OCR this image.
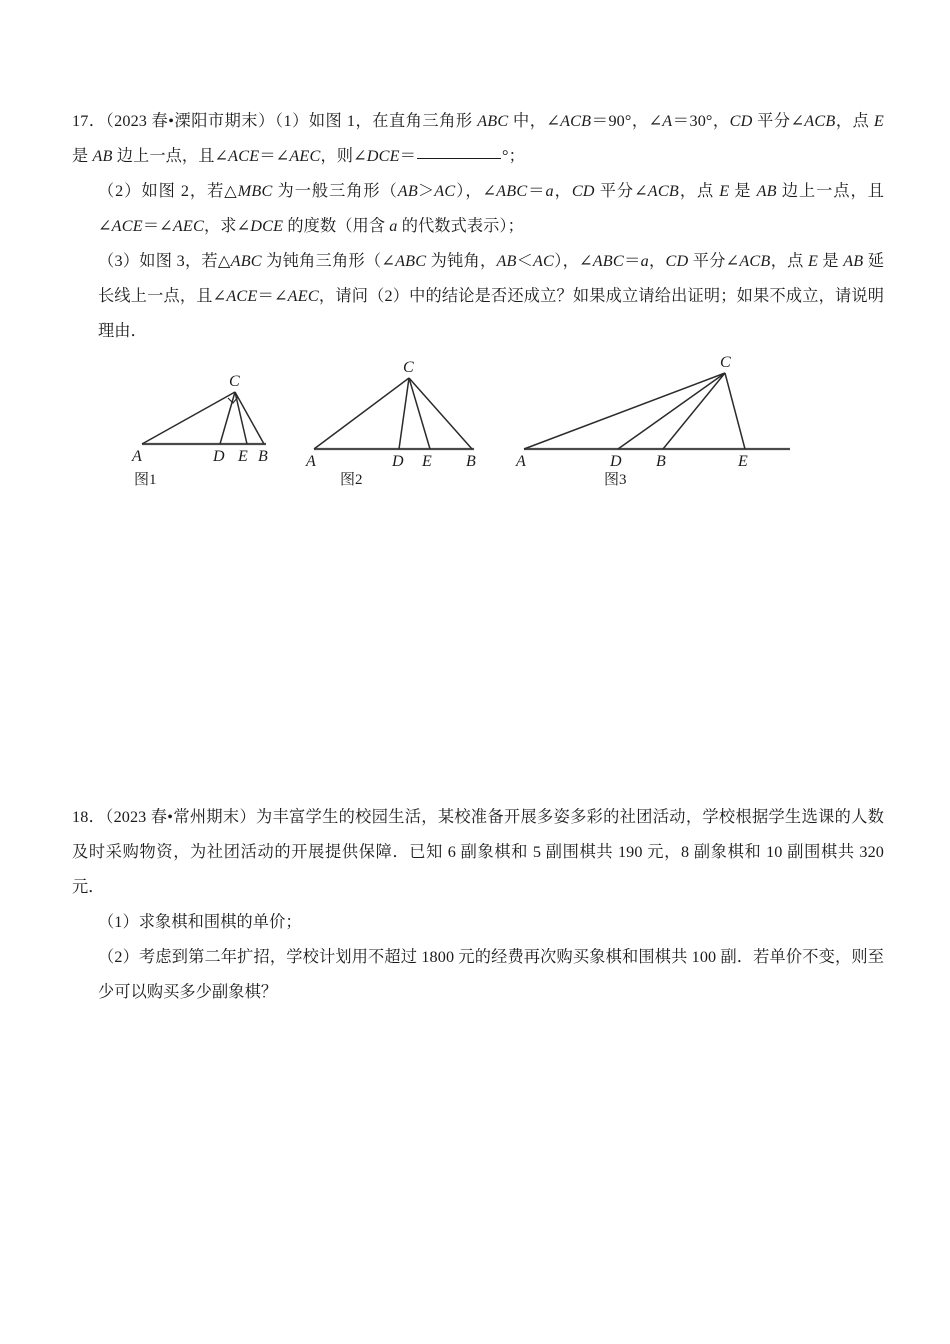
17．（2023 春•溧阳市期末）（1）如图 1，在直角三角形 ABC 中，∠ACB＝90°，∠A＝30°，CD 平分∠ACB，点 E 是 AB 边上一点，且∠ACE＝∠AEC，则∠DCE＝	°；

（2）如图 2，若△MBC 为一般三角形（AB＞AC），∠ABC＝a，CD 平分∠ACB，点 E 是 AB 边上一点，且∠ACE＝∠AEC，求∠DCE 的度数（用含 a 的代数式表示）；

（3）如图 3，若△ABC 为钝角三角形（∠ABC 为钝角，AB＜AC），∠ABC＝a，CD 平分∠ACB，点 E 是 AB 延长线上一点，且∠ACE＝∠AEC，请问（2）中的结论是否还成立？如果成立请给出证明；如果不成立，请说明理由．

A	D E B
C
图1
A	D E B
C
图2
A	D B	E
C
图3

18．（2023 春•常州期末）为丰富学生的校园生活，某校准备开展多姿多彩的社团活动，学校根据学生选课的人数及时采购物资，为社团活动的开展提供保障．已知 6 副象棋和 5 副围棋共 190 元，8 副象棋和 10 副围棋共 320 元．

（1）求象棋和围棋的单价；

（2）考虑到第二年扩招，学校计划用不超过 1800 元的经费再次购买象棋和围棋共 100 副．若单价不变，则至少可以购买多少副象棋？
